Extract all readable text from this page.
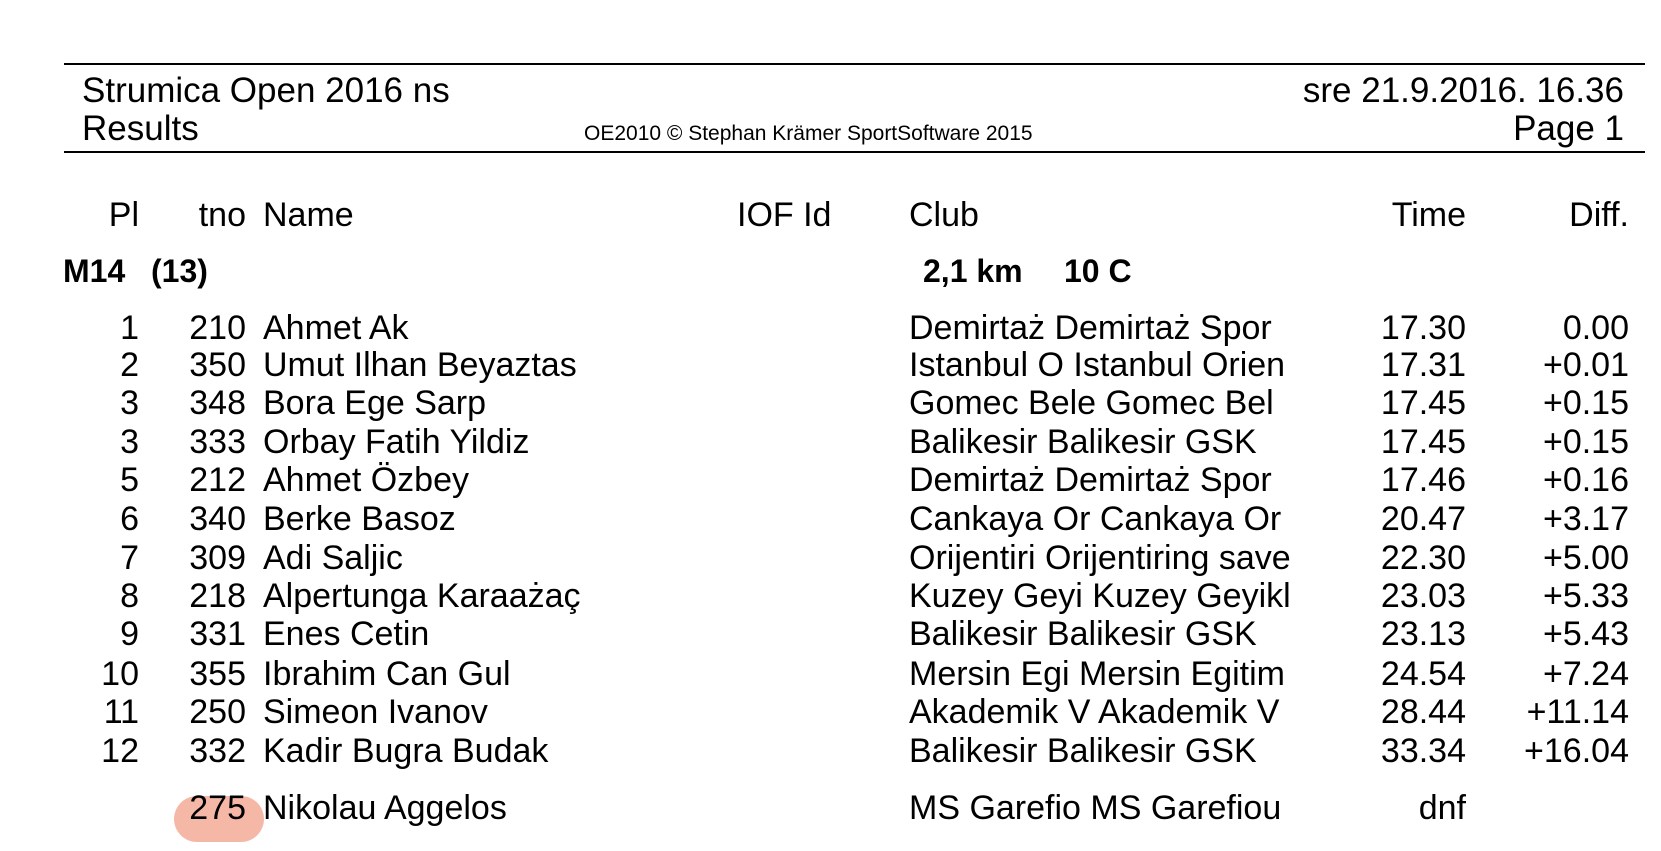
Strumica Open 2016 ns
Results	OE2010 © Stephan Krämer SportSoftware 2015
sre 21.9.2016. 16.36
Page 1
Pl tno Name	IOF Id Club	Time	Diff.
M14 (13)	2,1 km 10 C
1 210 Ahmet Ak	Demirtaż Demirtaż Spor	17.30	0.00
2 350 Umut Ilhan Beyaztas	Istanbul O Istanbul Orien	17.31 +0.01
3 348 Bora Ege Sarp	Gomec Bele Gomec Bel	17.45 +0.15
3 333 Orbay Fatih Yildiz	Balikesir Balikesir GSK	17.45 +0.15
5 212 Ahmet Özbey	Demirtaż Demirtaż Spor	17.46 +0.16
6 340 Berke Basoz	Cankaya Or Cankaya Or	20.47 +3.17
7 309 Adi Saljic	Orijentiri Orijentiring save	22.30 +5.00
8 218 Alpertunga Karaażaç	Kuzey Geyi Kuzey Geyikl	23.03 +5.33
9 331 Enes Cetin	Balikesir Balikesir GSK	23.13 +5.43
10 355 Ibrahim Can Gul	Mersin Egi Mersin Egitim	24.54 +7.24
11 250 Simeon Ivanov	Akademik V Akademik V	28.44 +11.14
12 332 Kadir Bugra Budak	Balikesir Balikesir GSK	33.34 +16.04
275 Nikolau Aggelos	MS Garefio MS Garefiou	dnf
